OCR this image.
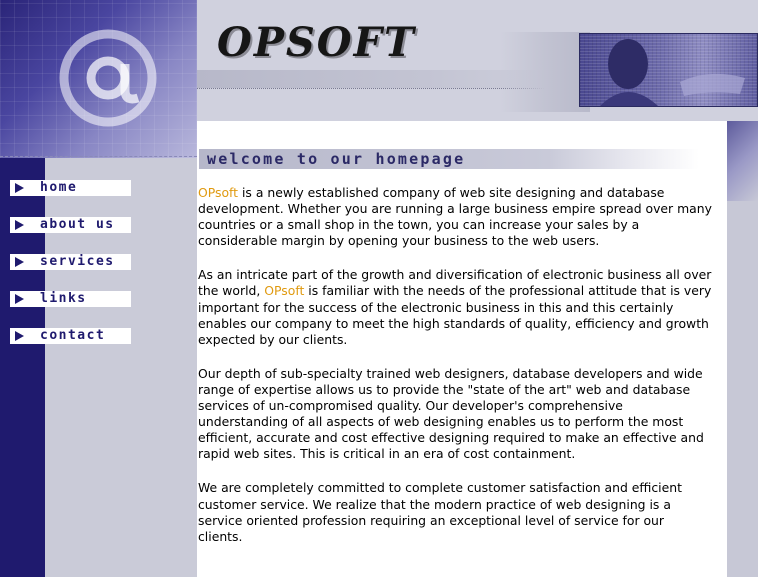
OPSOFT
welcome to our homepage
home
about us
services
links
contact

OPsoft is a newly established company of web site designing and database development. Whether you are running a large business empire spread over many countries or a small shop in the town, you can increase your sales by a considerable margin by opening your business to the web users.

As an intricate part of the growth and diversification of electronic business all over the world, OPsoft is familiar with the needs of the professional attitude that is very important for the success of the electronic business in this and this certainly enables our company to meet the high standards of quality, efficiency and growth expected by our clients.

Our depth of sub-specialty trained web designers, database developers and wide range of expertise allows us to provide the "state of the art" web and database services of un-compromised quality. Our developer's comprehensive understanding of all aspects of web designing enables us to perform the most efficient, accurate and cost effective designing required to make an effective and rapid web sites. This is critical in an era of cost containment.

We are completely committed to complete customer satisfaction and efficient customer service. We realize that the modern practice of web designing is a service oriented profession requiring an exceptional level of service for our clients.
